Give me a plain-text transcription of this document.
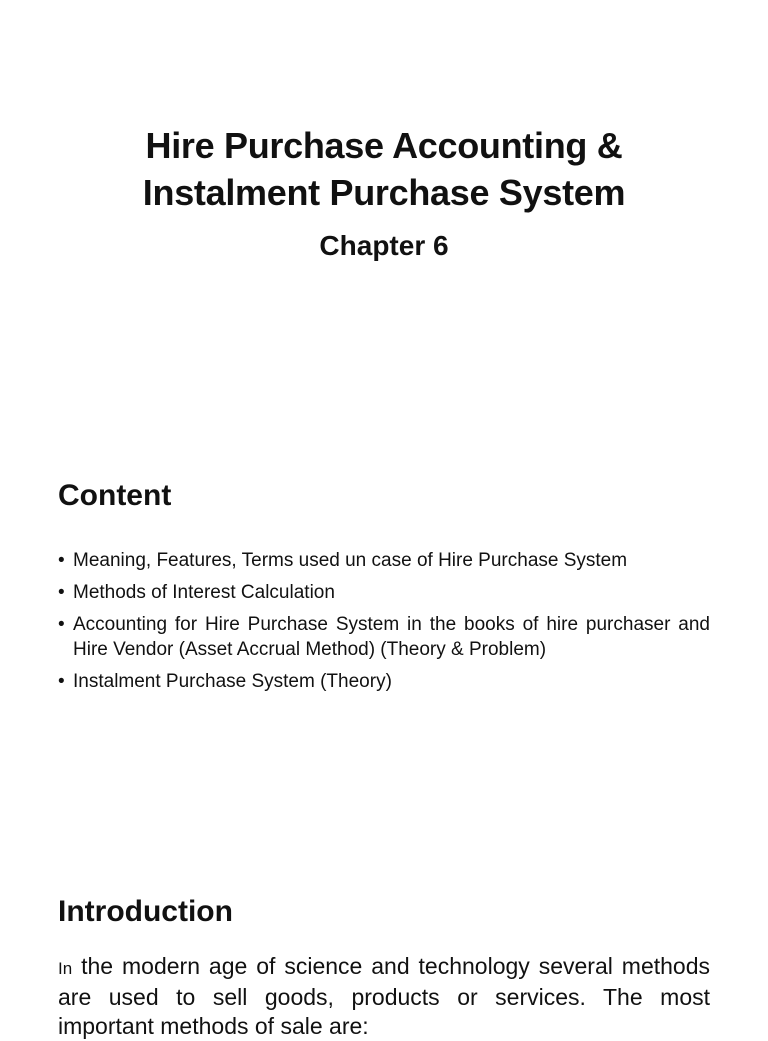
Hire Purchase Accounting &
Instalment Purchase System
Chapter 6
Content
• Meaning, Features, Terms used un case of Hire Purchase System
• Methods of Interest Calculation
• Accounting for Hire Purchase System in the books of hire purchaser and Hire Vendor (Asset Accrual Method) (Theory & Problem)
• Instalment Purchase System (Theory)
Introduction

In the modern age of science and technology several methods are used to sell goods, products or services. The most important methods of sale are:
